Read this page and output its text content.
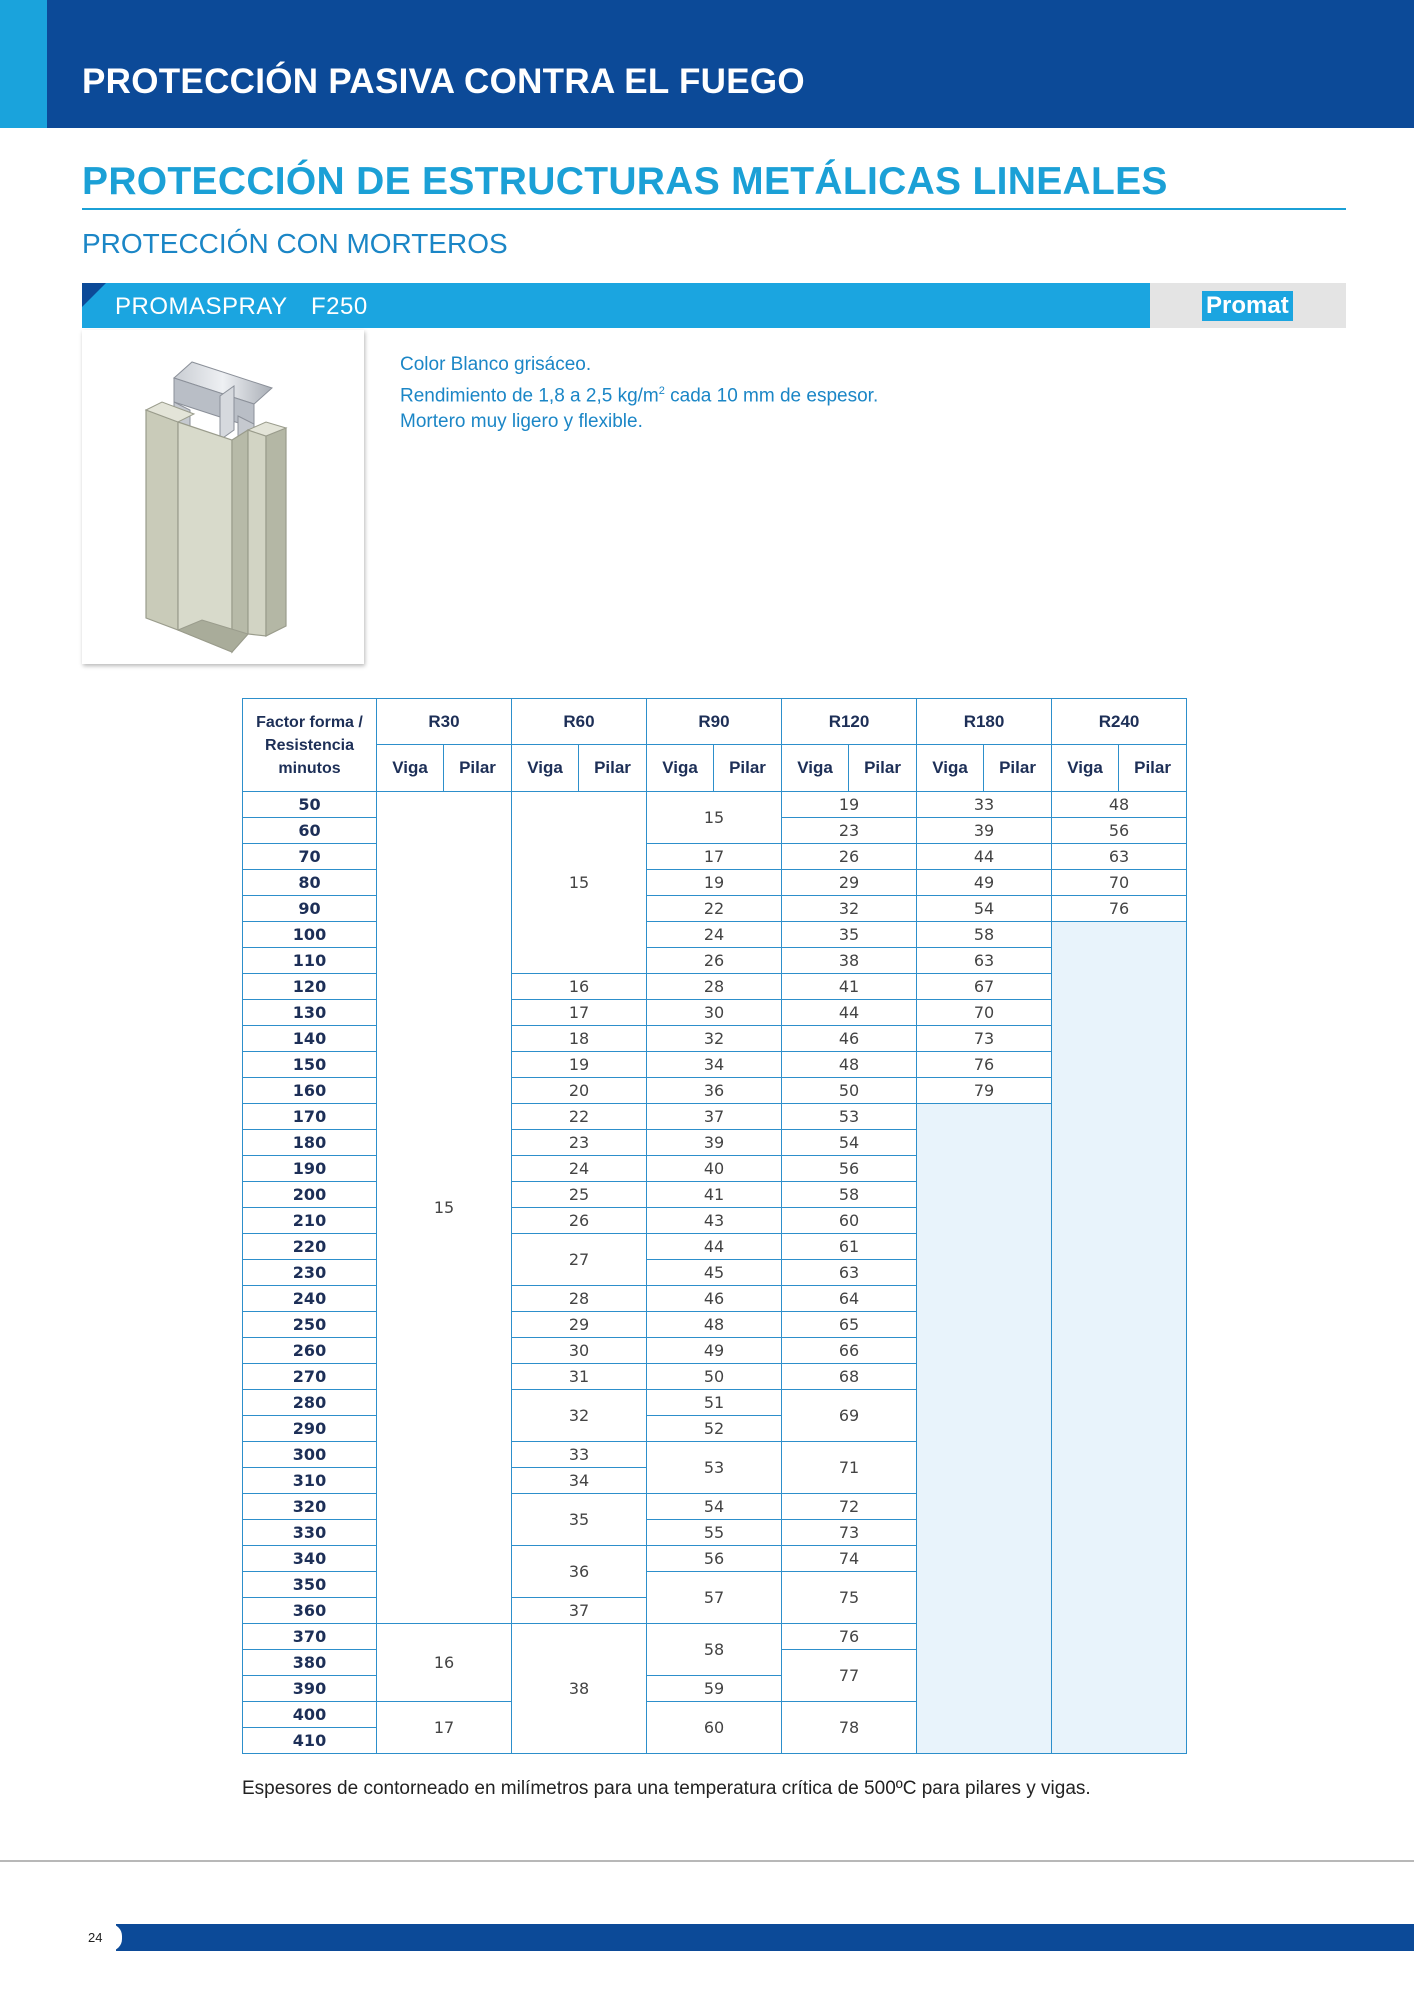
PROTECCIÓN PASIVA CONTRA EL FUEGO
PROTECCIÓN DE ESTRUCTURAS METÁLICAS LINEALES
PROTECCIÓN CON MORTEROS
PROMASPRAY F250	Promat
Color Blanco grisáceo.
Rendimiento de 1,8 a 2,5 $kg/m^2$ cada 10 mm de espesor.
Mortero muy ligero y flexible.
Factor forma /
Resistencia
minutos	R30		R60		R90		R120		R180		R240	
	Viga	Pilar	Viga	Pilar	Viga	Pilar	Viga	Pilar	Viga	Pilar	Viga	Pilar
50	15		15		15		19		33		48	
60							23		39		56	
70					17		26		44		63	
80					19		29		49		70	
90					22		32		54		76	
100					24		35		58			
110					26		38		63			
120			16		28		41		67			
130			17		30		44		70			
140			18		32		46		73			
150			19		34		48		76			
160			20		36		50		79			
170			22		37		53					
180			23		39		54					
190			24		40		56					
200			25		41		58					
210			26		43		60					
220			27		44		61					
230					45		63					
240			28		46		64					
250			29		48		65					
260			30		49		66					
270			31		50		68					
280			32		51		69					
290					52							
300			33		53		71					
310			34									
320			35		54		72					
330					55		73					
340			36		56		74					
350					57		75					
360			37									
370	16		38		58		76					
380							77					
390					59							
400	17				60		78					
410												
Espesores de contorneado en milímetros para una temperatura crítica de 500ºC para pilares y vigas.
24
